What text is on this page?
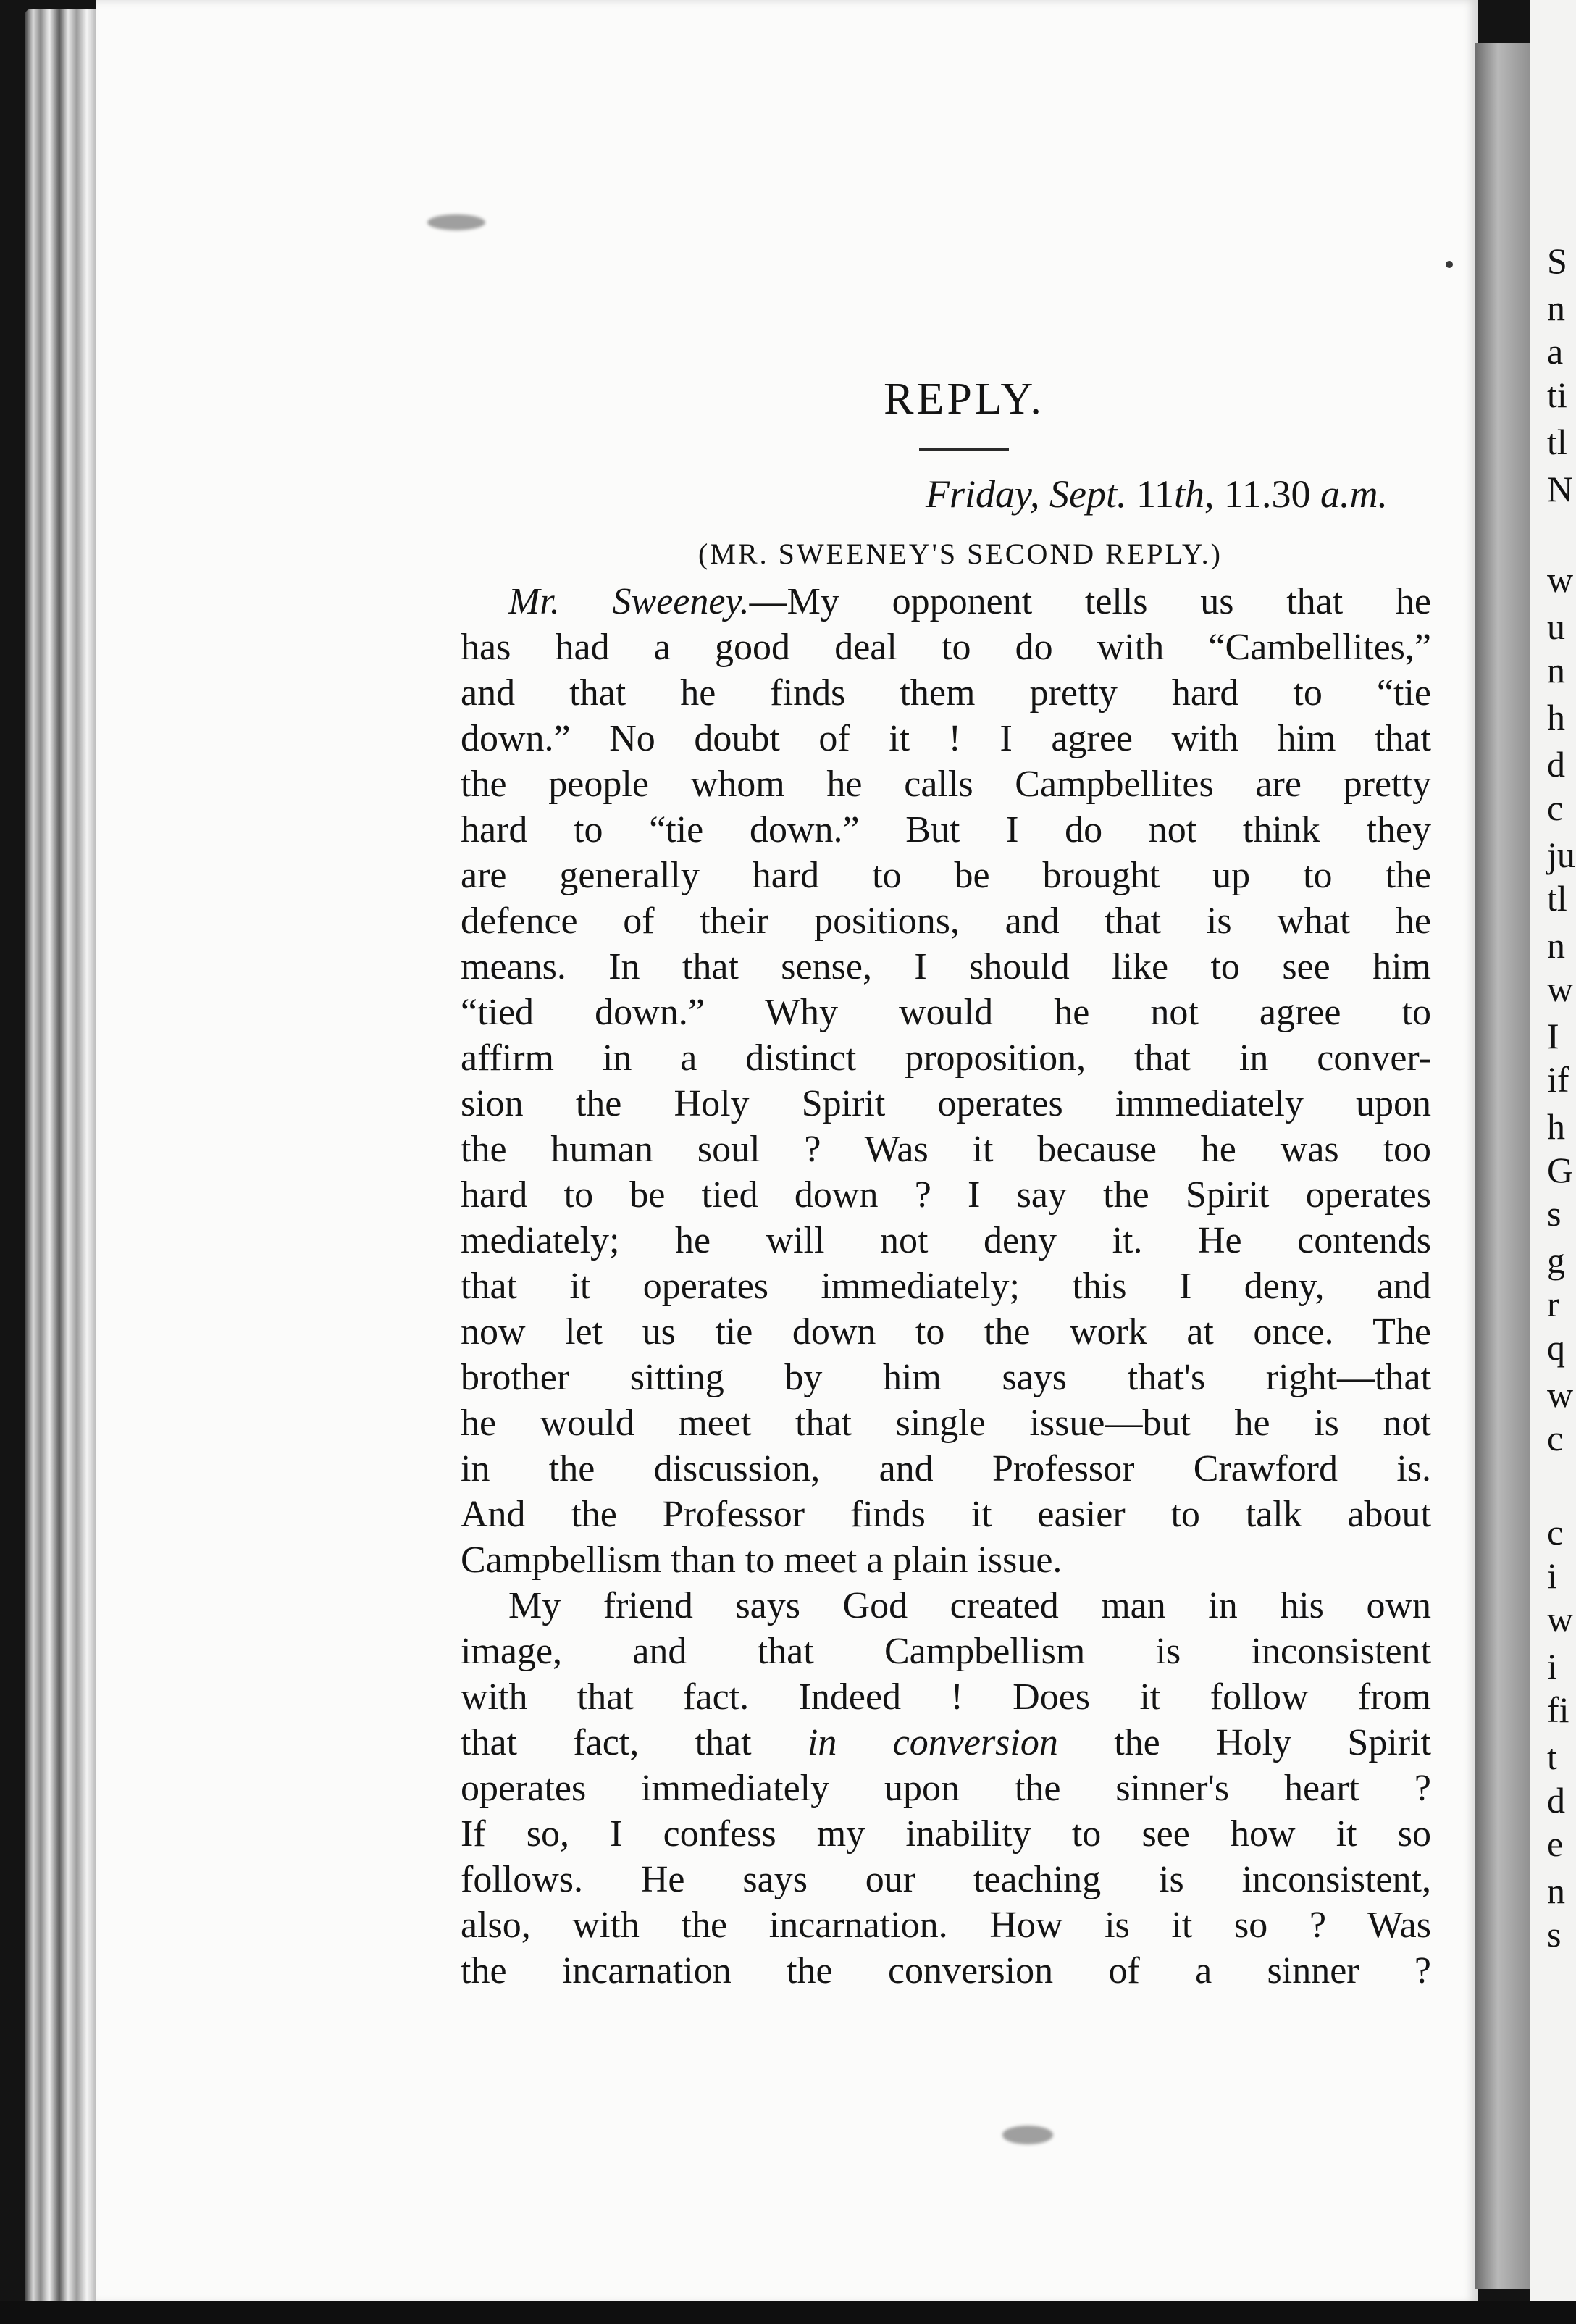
S
n
a
ti
tl
N
w
u
n
h
d
c
ju
tl
n
w
I
if
h
G
s
g
r
q
w
c
c
i
w
i
fi
t
d
e
n
s
REPLY.
Friday, Sept. 11th, 11.30 a.m.
(MR. SWEENEY'S SECOND REPLY.)
Mr. Sweeney.—My opponent tells us that he
has had a good deal to do with “Cambellites,”
and that he finds them pretty hard to “tie
down.” No doubt of it ! I agree with him that
the people whom he calls Campbellites are pretty
hard to “tie down.” But I do not think they
are generally hard to be brought up to the
defence of their positions, and that is what he
means. In that sense, I should like to see him
“tied down.” Why would he not agree to
affirm in a distinct proposition, that in conver-
sion the Holy Spirit operates immediately upon
the human soul ? Was it because he was too
hard to be tied down ? I say the Spirit operates
mediately; he will not deny it. He contends
that it operates immediately; this I deny, and
now let us tie down to the work at once. The
brother sitting by him says that's right—that
he would meet that single issue—but he is not
in the discussion, and Professor Crawford is.
And the Professor finds it easier to talk about
Campbellism than to meet a plain issue.
My friend says God created man in his own
image, and that Campbellism is inconsistent
with that fact. Indeed ! Does it follow from
that fact, that in conversion the Holy Spirit
operates immediately upon the sinner's heart ?
If so, I confess my inability to see how it so
follows. He says our teaching is inconsistent,
also, with the incarnation. How is it so ? Was
the incarnation the conversion of a sinner ?
